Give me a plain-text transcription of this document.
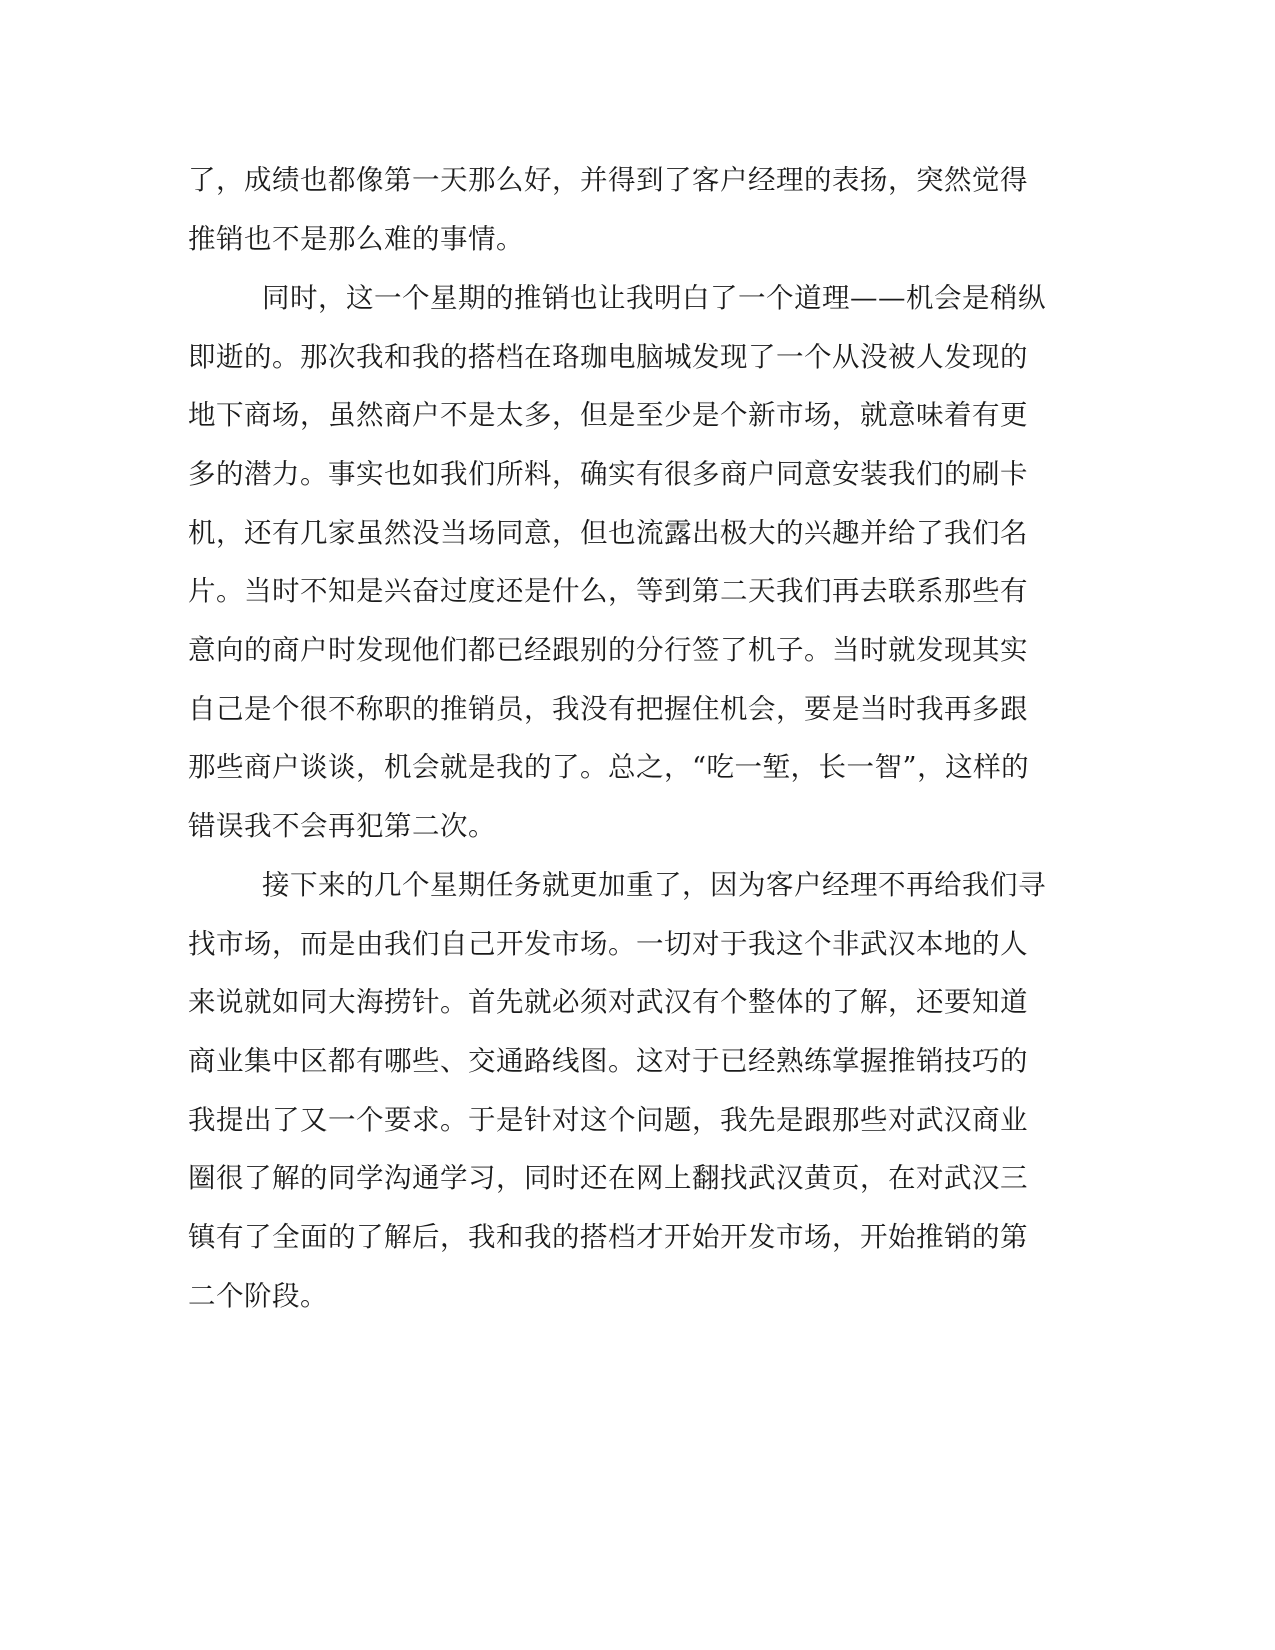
了，成绩也都像第一天那么好，并得到了客户经理的表扬，突然觉得
推销也不是那么难的事情。
同时，这一个星期的推销也让我明白了一个道理——机会是稍纵
即逝的。那次我和我的搭档在珞珈电脑城发现了一个从没被人发现的
地下商场，虽然商户不是太多，但是至少是个新市场，就意味着有更
多的潜力。事实也如我们所料，确实有很多商户同意安装我们的刷卡
机，还有几家虽然没当场同意，但也流露出极大的兴趣并给了我们名
片。当时不知是兴奋过度还是什么，等到第二天我们再去联系那些有
意向的商户时发现他们都已经跟别的分行签了机子。当时就发现其实
自己是个很不称职的推销员，我没有把握住机会，要是当时我再多跟
那些商户谈谈，机会就是我的了。总之，“吃一堑，长一智”，这样的
错误我不会再犯第二次。
接下来的几个星期任务就更加重了，因为客户经理不再给我们寻
找市场，而是由我们自己开发市场。一切对于我这个非武汉本地的人
来说就如同大海捞针。首先就必须对武汉有个整体的了解，还要知道
商业集中区都有哪些、交通路线图。这对于已经熟练掌握推销技巧的
我提出了又一个要求。于是针对这个问题，我先是跟那些对武汉商业
圈很了解的同学沟通学习，同时还在网上翻找武汉黄页，在对武汉三
镇有了全面的了解后，我和我的搭档才开始开发市场，开始推销的第
二个阶段。
